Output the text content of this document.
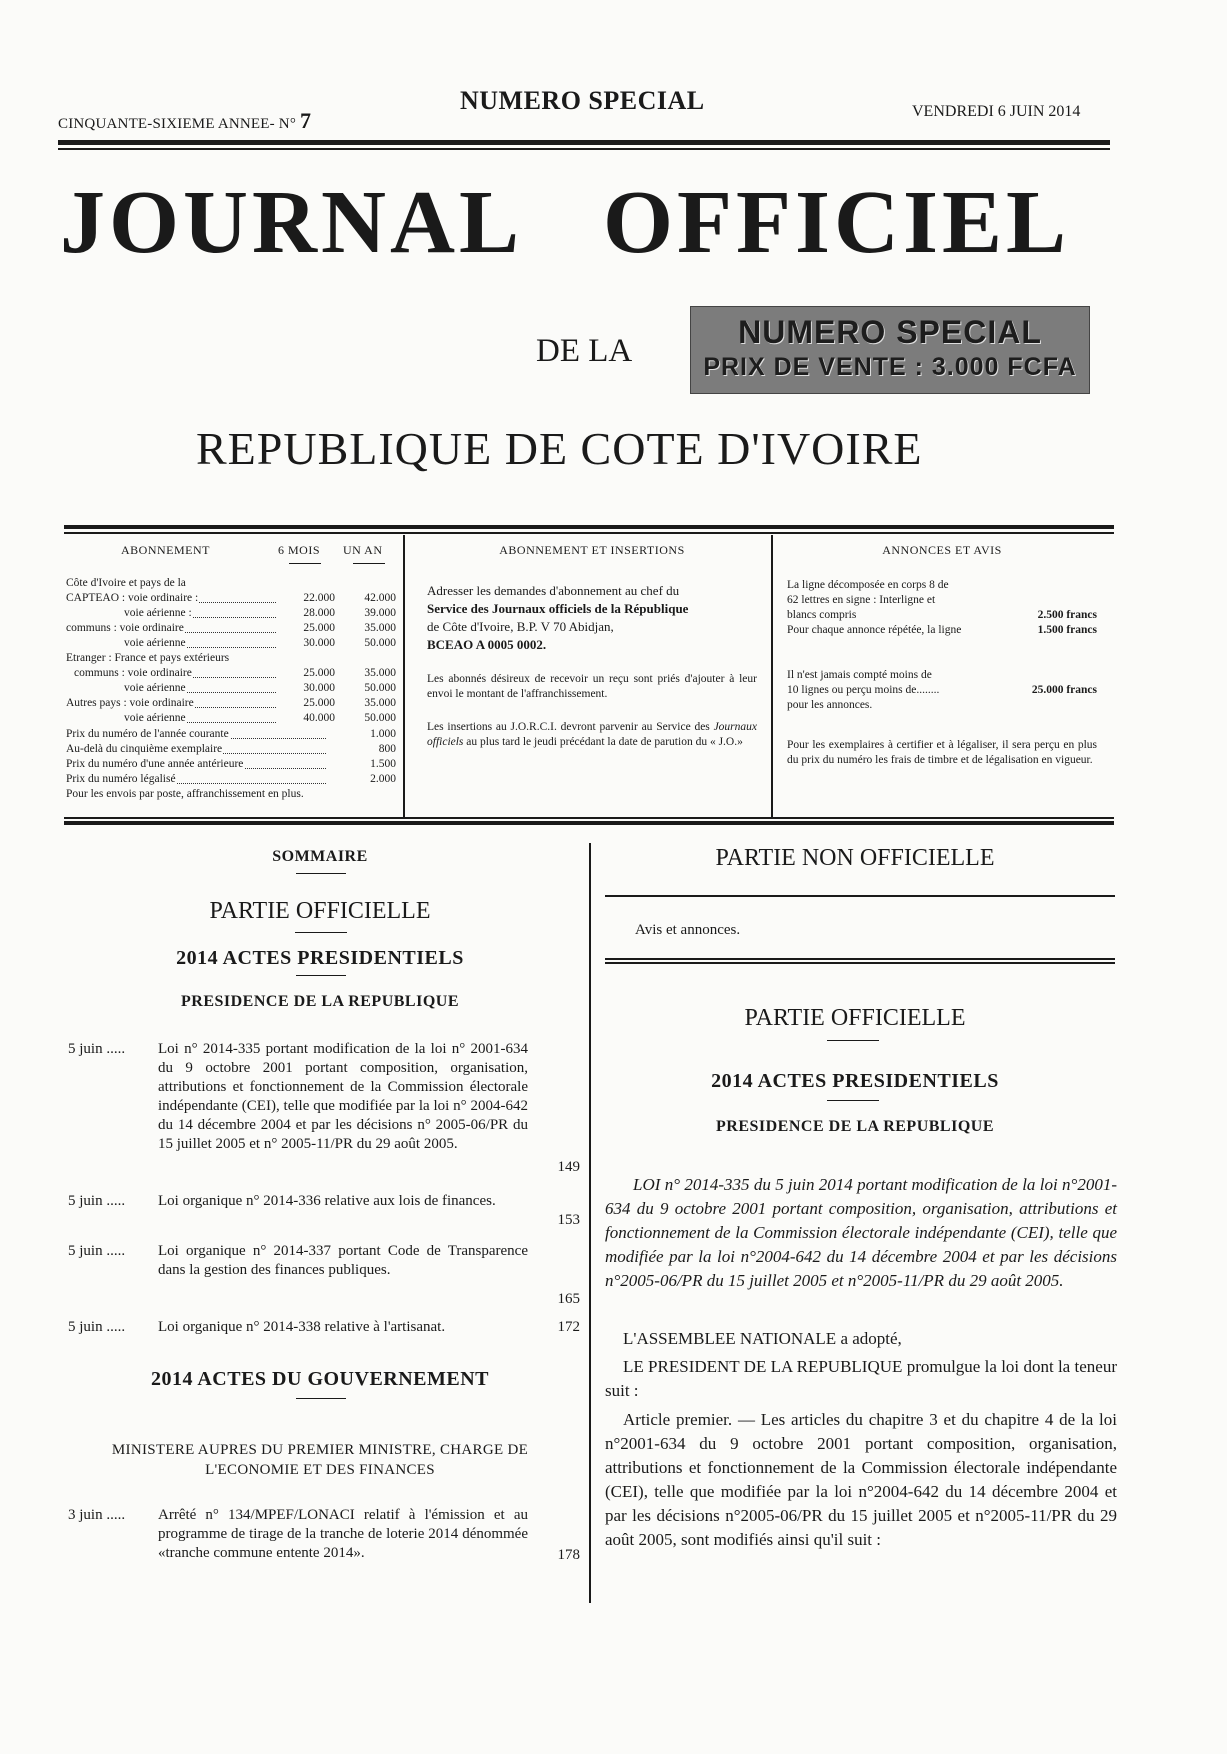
CINQUANTE-SIXIEME ANNEE- N° 7
NUMERO SPECIAL	VENDREDI 6 JUIN 2014
JOURNAL OFFICIEL
DE LA
NUMERO SPECIAL
PRIX DE VENTE : 3.000 FCFA
REPUBLIQUE DE COTE D'IVOIRE
ABONNEMENT	6 MOIS UN AN
Côte d'Ivoire et pays de la
CAPTEAO : voie ordinaire :	22.000	42.000
voie aérienne :	28.000	39.000
communs : voie ordinaire	25.000	35.000
voie aérienne	30.000	50.000
Etranger : France et pays extérieurs
communs : voie ordinaire	25.000	35.000
voie aérienne	30.000	50.000
Autres pays : voie ordinaire	25.000	35.000
voie aérienne	40.000	50.000
Prix du numéro de l'année courante	1.000
Au-delà du cinquième exemplaire	800
Prix du numéro d'une année antérieure	1.500
Prix du numéro légalisé	2.000
Pour les envois par poste, affranchissement en plus.
ABONNEMENT ET INSERTIONS

Adresser les demandes d'abonnement au chef du
Service des Journaux officiels de la République
de Côte d'Ivoire, B.P. V 70 Abidjan,
BCEAO A 0005 0002.

Les abonnés désireux de recevoir un reçu sont priés d'ajouter à leur envoi le montant de l'affranchissement.

Les insertions au J.O.R.C.I. devront parvenir au Service des Journaux officiels au plus tard le jeudi précédant la date de parution du « J.O.»

ANNONCES ET AVIS
La ligne décomposée en corps 8 de
62 lettres en signe : Interligne et
blancs compris	2.500 francs
Pour chaque annonce répétée, la ligne	1.500 francs
Il n'est jamais compté moins de
10 lignes ou perçu moins de........	25.000 francs
pour les annonces.

Pour les exemplaires à certifier et à légaliser, il sera perçu en plus du prix du numéro les frais de timbre et de légalisation en vigueur.

SOMMAIRE
PARTIE OFFICIELLE
2014 ACTES PRESIDENTIELS
PRESIDENCE DE LA REPUBLIQUE
5 juin ..... Loi n° 2014-335 portant modification de la loi n° 2001-634 du 9 octobre 2001 portant composition, organisation, attributions et fonctionnement de la Commission électorale indépendante (CEI), telle que modifiée par la loi n° 2004-642 du 14 décembre 2004 et par les décisions n° 2005-06/PR du 15 juillet 2005 et n° 2005-11/PR du 29 août 2005.
149
5 juin ..... Loi organique n° 2014-336 relative aux lois de finances.
153
5 juin ..... Loi organique n° 2014-337 portant Code de Transparence dans la gestion des finances publiques.
165
5 juin ..... Loi organique n° 2014-338 relative à l'artisanat.	172
2014 ACTES DU GOUVERNEMENT
MINISTERE AUPRES DU PREMIER MINISTRE, CHARGE DE
L'ECONOMIE ET DES FINANCES
3 juin ..... Arrêté n° 134/MPEF/LONACI relatif à l'émission et au programme de tirage de la tranche de loterie 2014 dénommée «tranche commune entente 2014».	178
PARTIE NON OFFICIELLE
Avis et annonces.
PARTIE OFFICIELLE
2014 ACTES PRESIDENTIELS
PRESIDENCE DE LA REPUBLIQUE
LOI n° 2014-335 du 5 juin 2014 portant modification de la loi n°2001-634 du 9 octobre 2001 portant composition, organisation, attributions et fonctionnement de la Commission électorale indépendante (CEI), telle que modifiée par la loi n°2004-642 du 14 décembre 2004 et par les décisions n°2005-06/PR du 15 juillet 2005 et n°2005-11/PR du 29 août 2005.
L'ASSEMBLEE NATIONALE a adopté,
LE PRESIDENT DE LA REPUBLIQUE promulgue la loi dont la teneur suit :
Article premier. — Les articles du chapitre 3 et du chapitre 4 de la loi n°2001-634 du 9 octobre 2001 portant composition, organisation, attributions et fonctionnement de la Commission électorale indépendante (CEI), telle que modifiée par la loi n°2004-642 du 14 décembre 2004 et par les décisions n°2005-06/PR du 15 juillet 2005 et n°2005-11/PR du 29 août 2005, sont modifiés ainsi qu'il suit :
